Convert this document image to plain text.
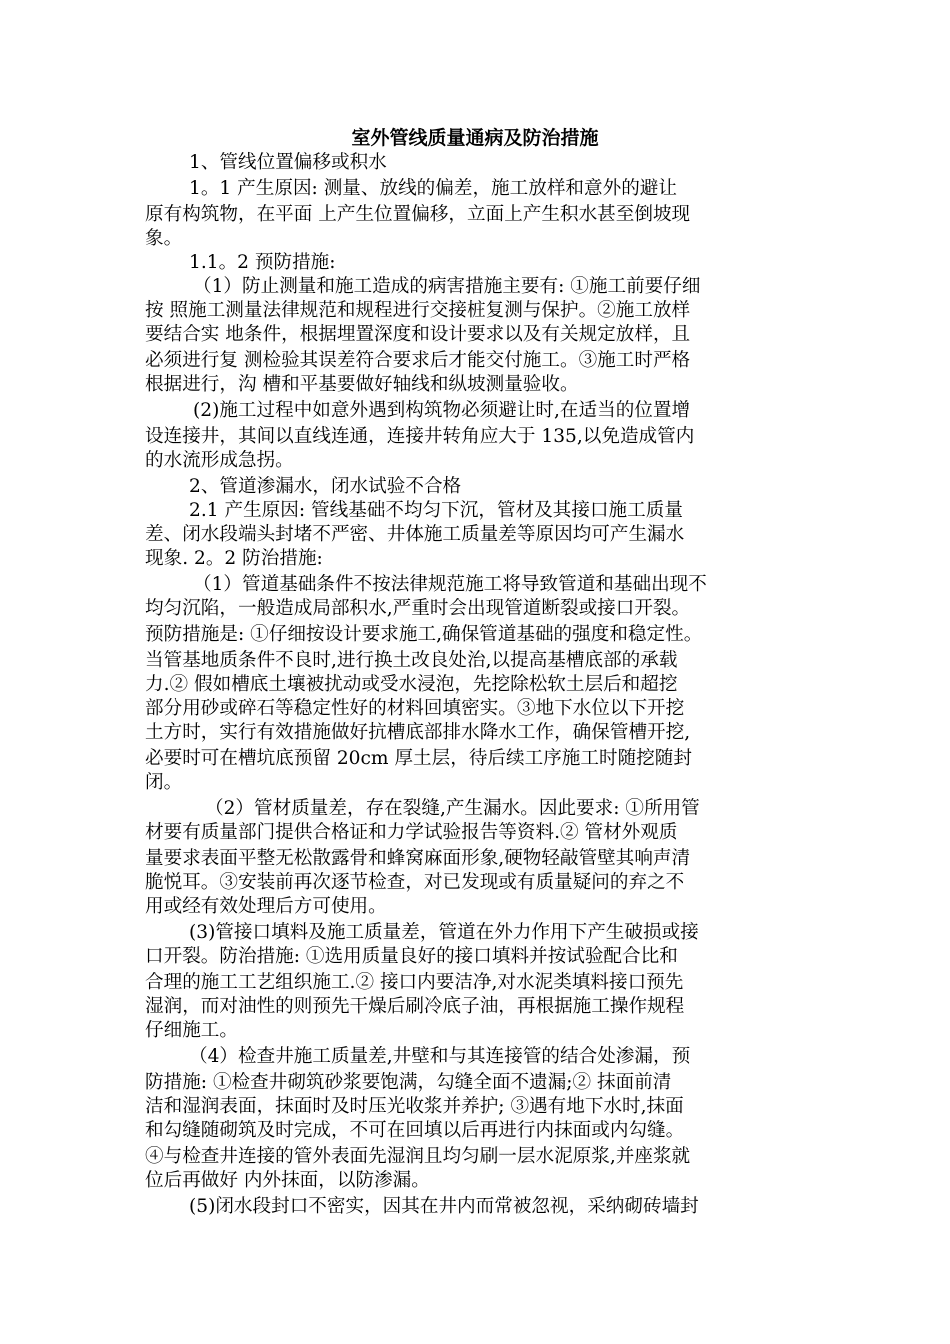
室外管线质量通病及防治措施
1、管线位置偏移或积水
1。1 产生原因: 测量、放线的偏差，施工放样和意外的避让
原有构筑物，在平面 上产生位置偏移，立面上产生积水甚至倒坡现
象。
1.1。2 预防措施:
（1）防止测量和施工造成的病害措施主要有: ①施工前要仔细
按 照施工测量法律规范和规程进行交接桩复测与保护。②施工放样
要结合实 地条件，根据埋置深度和设计要求以及有关规定放样，且
必须进行复 测检验其误差符合要求后才能交付施工。③施工时严格
根据进行，沟 槽和平基要做好轴线和纵坡测量验收。
(2)施工过程中如意外遇到构筑物必须避让时,在适当的位置增
设连接井，其间以直线连通，连接井转角应大于 135,以免造成管内
的水流形成急拐。
2、管道渗漏水，闭水试验不合格
2.1 产生原因: 管线基础不均匀下沉，管材及其接口施工质量
差、闭水段端头封堵不严密、井体施工质量差等原因均可产生漏水
现象. 2。2 防治措施:
（1）管道基础条件不按法律规范施工将导致管道和基础出现不
均匀沉陷，一般造成局部积水,严重时会出现管道断裂或接口开裂。
预防措施是: ①仔细按设计要求施工,确保管道基础的强度和稳定性。
当管基地质条件不良时,进行换土改良处治,以提高基槽底部的承载
力.② 假如槽底土壤被扰动或受水浸泡，先挖除松软土层后和超挖
部分用砂或碎石等稳定性好的材料回填密实。③地下水位以下开挖
土方时，实行有效措施做好抗槽底部排水降水工作，确保管槽开挖,
必要时可在槽坑底预留 20cm 厚土层，待后续工序施工时随挖随封
闭。
（2）管材质量差，存在裂缝,产生漏水。因此要求: ①所用管
材要有质量部门提供合格证和力学试验报告等资料.② 管材外观质
量要求表面平整无松散露骨和蜂窝麻面形象,硬物轻敲管壁其响声清
脆悦耳。③安装前再次逐节检查，对已发现或有质量疑问的弃之不
用或经有效处理后方可使用。
(3)管接口填料及施工质量差，管道在外力作用下产生破损或接
口开裂。防治措施: ①选用质量良好的接口填料并按试验配合比和
合理的施工工艺组织施工.② 接口内要洁净,对水泥类填料接口预先
湿润，而对油性的则预先干燥后刷冷底子油，再根据施工操作规程
仔细施工。
（4）检查井施工质量差,井壁和与其连接管的结合处渗漏，预
防措施: ①检查井砌筑砂浆要饱满，勾缝全面不遗漏;② 抹面前清
洁和湿润表面，抹面时及时压光收浆并养护; ③遇有地下水时,抹面
和勾缝随砌筑及时完成，不可在回填以后再进行内抹面或内勾缝。
④与检查井连接的管外表面先湿润且均匀刷一层水泥原浆,并座浆就
位后再做好 内外抹面，以防渗漏。
(5)闭水段封口不密实，因其在井内而常被忽视，采纳砌砖墙封
